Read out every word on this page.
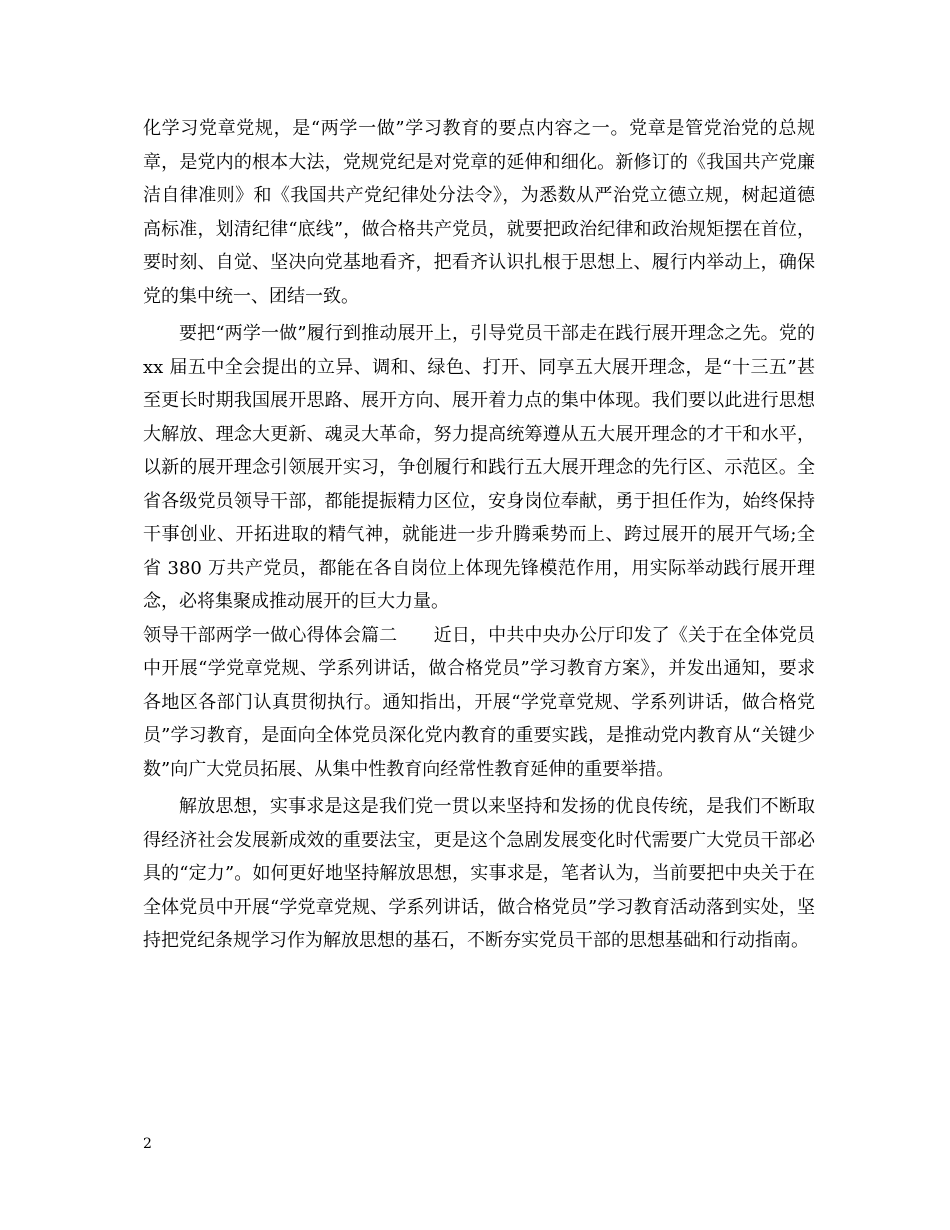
化学习党章党规，是“两学一做”学习教育的要点内容之一。党章是管党治党的总规章，是党内的根本大法，党规党纪是对党章的延伸和细化。新修订的《我国共产党廉洁自律准则》和《我国共产党纪律处分法令》，为悉数从严治党立德立规，树起道德高标准，划清纪律“底线”，做合格共产党员，就要把政治纪律和政治规矩摆在首位，要时刻、自觉、坚决向党基地看齐，把看齐认识扎根于思想上、履行内举动上，确保党的集中统一、团结一致。

要把“两学一做”履行到推动展开上，引导党员干部走在践行展开理念之先。党的 xx 届五中全会提出的立异、调和、绿色、打开、同享五大展开理念，是“十三五”甚至更长时期我国展开思路、展开方向、展开着力点的集中体现。我们要以此进行思想大解放、理念大更新、魂灵大革命，努力提高统筹遵从五大展开理念的才干和水平，以新的展开理念引领展开实习，争创履行和践行五大展开理念的先行区、示范区。全省各级党员领导干部，都能提振精力区位，安身岗位奉献，勇于担任作为，始终保持干事创业、开拓进取的精气神，就能进一步升腾乘势而上、跨过展开的展开气场;全省 380 万共产党员，都能在各自岗位上体现先锋模范作用，用实际举动践行展开理念，必将集聚成推动展开的巨大力量。

领导干部两学一做心得体会篇二　　近日，中共中央办公厅印发了《关于在全体党员中开展“学党章党规、学系列讲话，做合格党员”学习教育方案》，并发出通知，要求各地区各部门认真贯彻执行。通知指出，开展“学党章党规、学系列讲话，做合格党员”学习教育，是面向全体党员深化党内教育的重要实践，是推动党内教育从“关键少数”向广大党员拓展、从集中性教育向经常性教育延伸的重要举措。

解放思想，实事求是这是我们党一贯以来坚持和发扬的优良传统，是我们不断取得经济社会发展新成效的重要法宝，更是这个急剧发展变化时代需要广大党员干部必具的“定力”。如何更好地坚持解放思想，实事求是，笔者认为，当前要把中央关于在全体党员中开展“学党章党规、学系列讲话，做合格党员”学习教育活动落到实处，坚持把党纪条规学习作为解放思想的基石，不断夯实党员干部的思想基础和行动指南。

2
